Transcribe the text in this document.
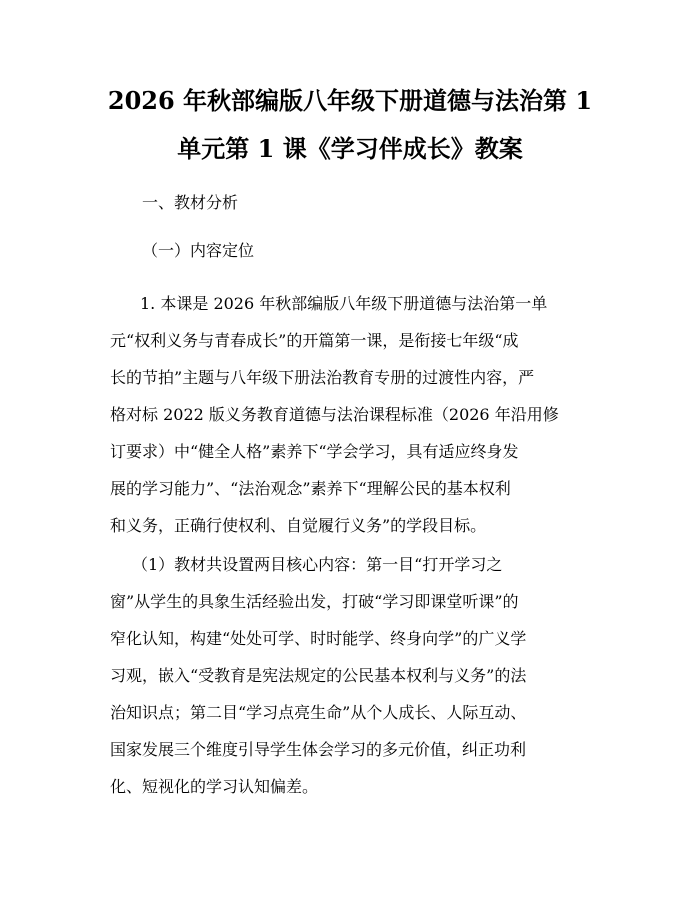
2026 年秋部编版八年级下册道德与法治第 1
单元第 1 课《学习伴成长》教案

一、教材分析

（一）内容定位

1. 本课是 2026 年秋部编版八年级下册道德与法治第一单
元“权利义务与青春成长”的开篇第一课，是衔接七年级“成
长的节拍”主题与八年级下册法治教育专册的过渡性内容，严
格对标 2022 版义务教育道德与法治课程标准（2026 年沿用修
订要求）中“健全人格”素养下“学会学习，具有适应终身发
展的学习能力”、“法治观念”素养下“理解公民的基本权利
和义务，正确行使权利、自觉履行义务”的学段目标。
（1）教材共设置两目核心内容：第一目“打开学习之
窗”从学生的具象生活经验出发，打破“学习即课堂听课”的
窄化认知，构建“处处可学、时时能学、终身向学”的广义学
习观，嵌入“受教育是宪法规定的公民基本权利与义务”的法
治知识点；第二目“学习点亮生命”从个人成长、人际互动、
国家发展三个维度引导学生体会学习的多元价值，纠正功利
化、短视化的学习认知偏差。
